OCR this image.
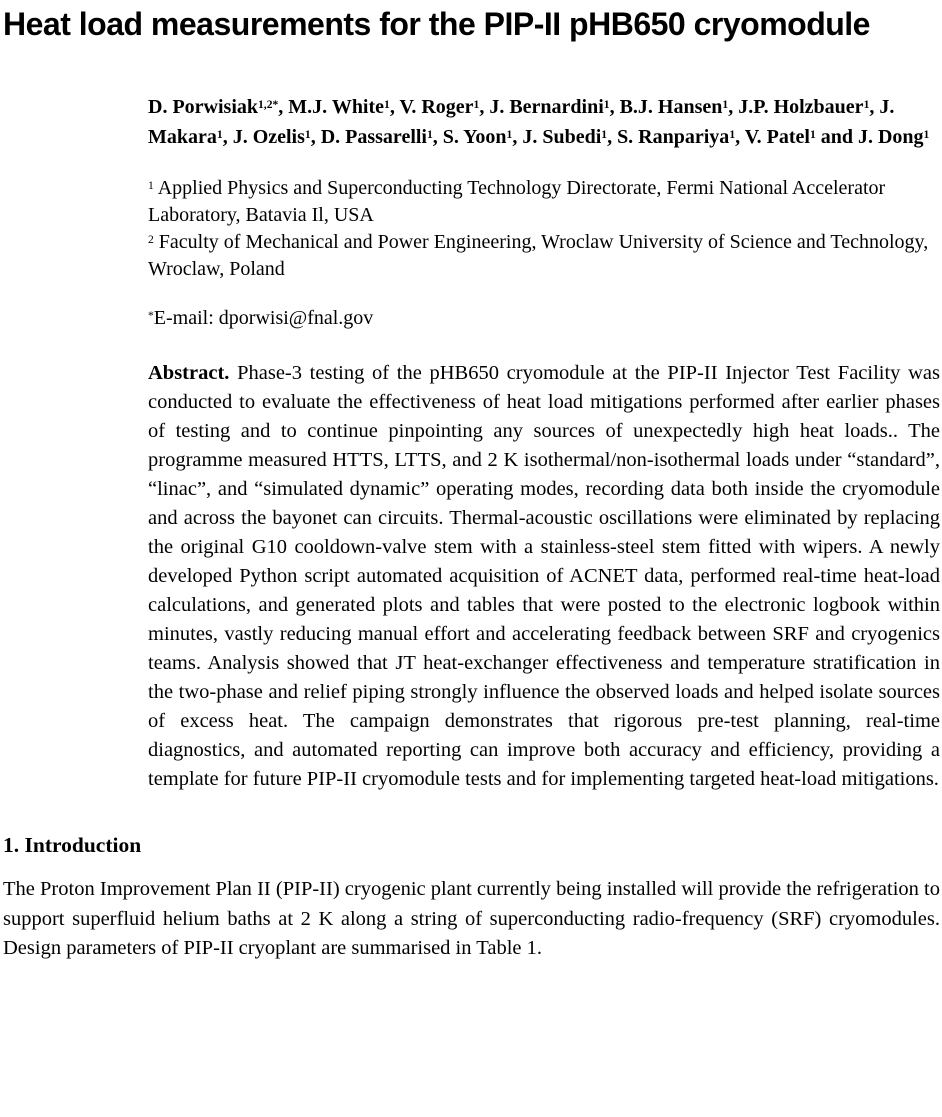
Heat load measurements for the PIP-II pHB650 cryomodule

D. Porwisiak$^{1,2*}$, M.J. White$^1$, V. Roger$^1$, J. Bernardini$^1$, B.J. Hansen$^1$, J.P. Holzbauer$^1$, J. Makara$^1$, J. Ozelis$^1$, D. Passarelli$^1$, S. Yoon$^1$, J. Subedi$^1$, S. Ranpariya$^1$, V. Patel$^1$ and J. Dong$^1$

$^1$ Applied Physics and Superconducting Technology Directorate, Fermi National Accelerator Laboratory, Batavia Il, USA
$^2$ Faculty of Mechanical and Power Engineering, Wroclaw University of Science and Technology, Wroclaw, Poland

*E-mail: dporwisi@fnal.gov

Abstract. Phase-3 testing of the pHB650 cryomodule at the PIP-II Injector Test Facility was conducted to evaluate the effectiveness of heat load mitigations performed after earlier phases of testing and to continue pinpointing any sources of unexpectedly high heat loads.. The programme measured HTTS, LTTS, and 2 K isothermal/non-isothermal loads under “standard”, “linac”, and “simulated dynamic” operating modes, recording data both inside the cryomodule and across the bayonet can circuits. Thermal-acoustic oscillations were eliminated by replacing the original G10 cooldown-valve stem with a stainless-steel stem fitted with wipers. A newly developed Python script automated acquisition of ACNET data, performed real-time heat-load calculations, and generated plots and tables that were posted to the electronic logbook within minutes, vastly reducing manual effort and accelerating feedback between SRF and cryogenics teams. Analysis showed that JT heat-exchanger effectiveness and temperature stratification in the two-phase and relief piping strongly influence the observed loads and helped isolate sources of excess heat. The campaign demonstrates that rigorous pre-test planning, real-time diagnostics, and automated reporting can improve both accuracy and efficiency, providing a template for future PIP-II cryomodule tests and for implementing targeted heat-load mitigations.

1. Introduction

The Proton Improvement Plan II (PIP-II) cryogenic plant currently being installed will provide the refrigeration to support superfluid helium baths at 2 K along a string of superconducting radio-frequency (SRF) cryomodules. Design parameters of PIP-II cryoplant are summarised in Table 1.
